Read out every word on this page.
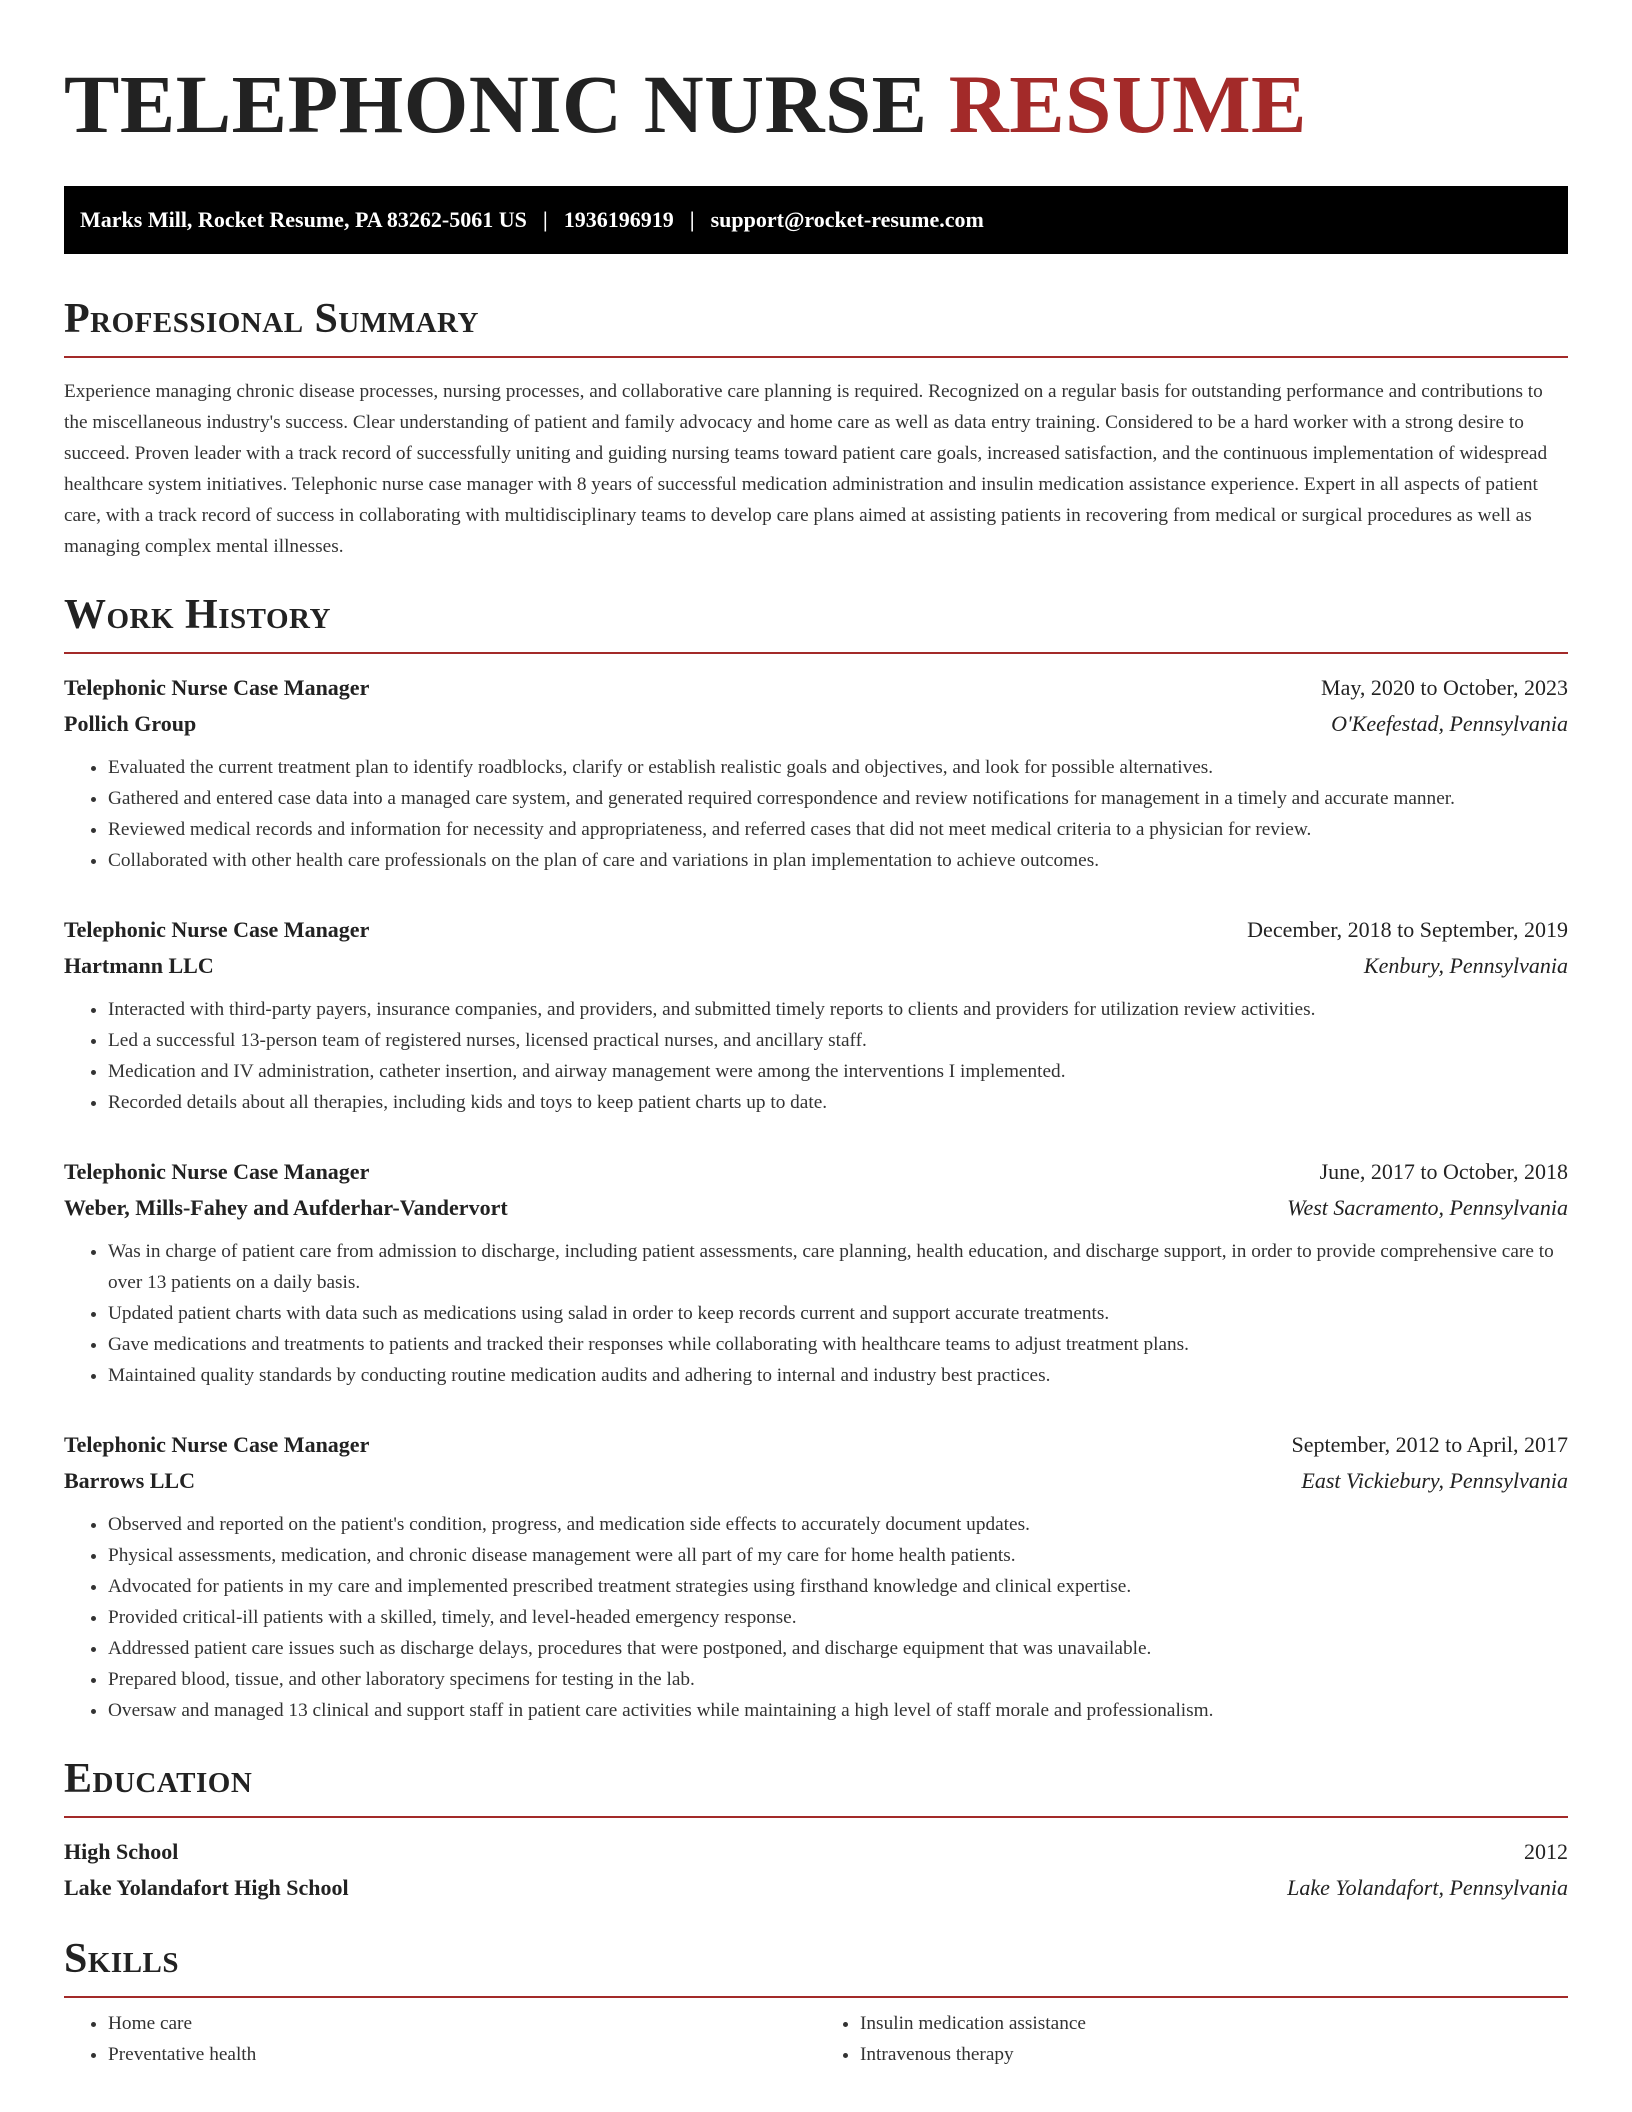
TELEPHONIC NURSE RESUME
Marks Mill, Rocket Resume, PA 83262-5061 US | 1936196919 | support@rocket-resume.com
Professional Summary

Experience managing chronic disease processes, nursing processes, and collaborative care planning is required. Recognized on a regular basis for outstanding performance and contributions to the miscellaneous industry's success. Clear understanding of patient and family advocacy and home care as well as data entry training. Considered to be a hard worker with a strong desire to succeed. Proven leader with a track record of successfully uniting and guiding nursing teams toward patient care goals, increased satisfaction, and the continuous implementation of widespread healthcare system initiatives. Telephonic nurse case manager with 8 years of successful medication administration and insulin medication assistance experience. Expert in all aspects of patient care, with a track record of success in collaborating with multidisciplinary teams to develop care plans aimed at assisting patients in recovering from medical or surgical procedures as well as managing complex mental illnesses.

Work History
Telephonic Nurse Case Manager	May, 2020 to October, 2023
Pollich Group	O'Keefestad, Pennsylvania
• Evaluated the current treatment plan to identify roadblocks, clarify or establish realistic goals and objectives, and look for possible alternatives.
• Gathered and entered case data into a managed care system, and generated required correspondence and review notifications for management in a timely and accurate manner.
• Reviewed medical records and information for necessity and appropriateness, and referred cases that did not meet medical criteria to a physician for review.
• Collaborated with other health care professionals on the plan of care and variations in plan implementation to achieve outcomes.
Telephonic Nurse Case Manager	December, 2018 to September, 2019
Hartmann LLC	Kenbury, Pennsylvania
• Interacted with third-party payers, insurance companies, and providers, and submitted timely reports to clients and providers for utilization review activities.
• Led a successful 13-person team of registered nurses, licensed practical nurses, and ancillary staff.
• Medication and IV administration, catheter insertion, and airway management were among the interventions I implemented.
• Recorded details about all therapies, including kids and toys to keep patient charts up to date.
Telephonic Nurse Case Manager	June, 2017 to October, 2018
Weber, Mills-Fahey and Aufderhar-Vandervort	West Sacramento, Pennsylvania
• Was in charge of patient care from admission to discharge, including patient assessments, care planning, health education, and discharge support, in order to provide comprehensive care to over 13 patients on a daily basis.
• Updated patient charts with data such as medications using salad in order to keep records current and support accurate treatments.
• Gave medications and treatments to patients and tracked their responses while collaborating with healthcare teams to adjust treatment plans.
• Maintained quality standards by conducting routine medication audits and adhering to internal and industry best practices.
Telephonic Nurse Case Manager	September, 2012 to April, 2017
Barrows LLC	East Vickiebury, Pennsylvania
• Observed and reported on the patient's condition, progress, and medication side effects to accurately document updates.
• Physical assessments, medication, and chronic disease management were all part of my care for home health patients.
• Advocated for patients in my care and implemented prescribed treatment strategies using firsthand knowledge and clinical expertise.
• Provided critical-ill patients with a skilled, timely, and level-headed emergency response.
• Addressed patient care issues such as discharge delays, procedures that were postponed, and discharge equipment that was unavailable.
• Prepared blood, tissue, and other laboratory specimens for testing in the lab.
• Oversaw and managed 13 clinical and support staff in patient care activities while maintaining a high level of staff morale and professionalism.
Education
High School	2012
Lake Yolandafort High School	Lake Yolandafort, Pennsylvania
Skills
• Home care
• Preventative health
• Insulin medication assistance
• Intravenous therapy
